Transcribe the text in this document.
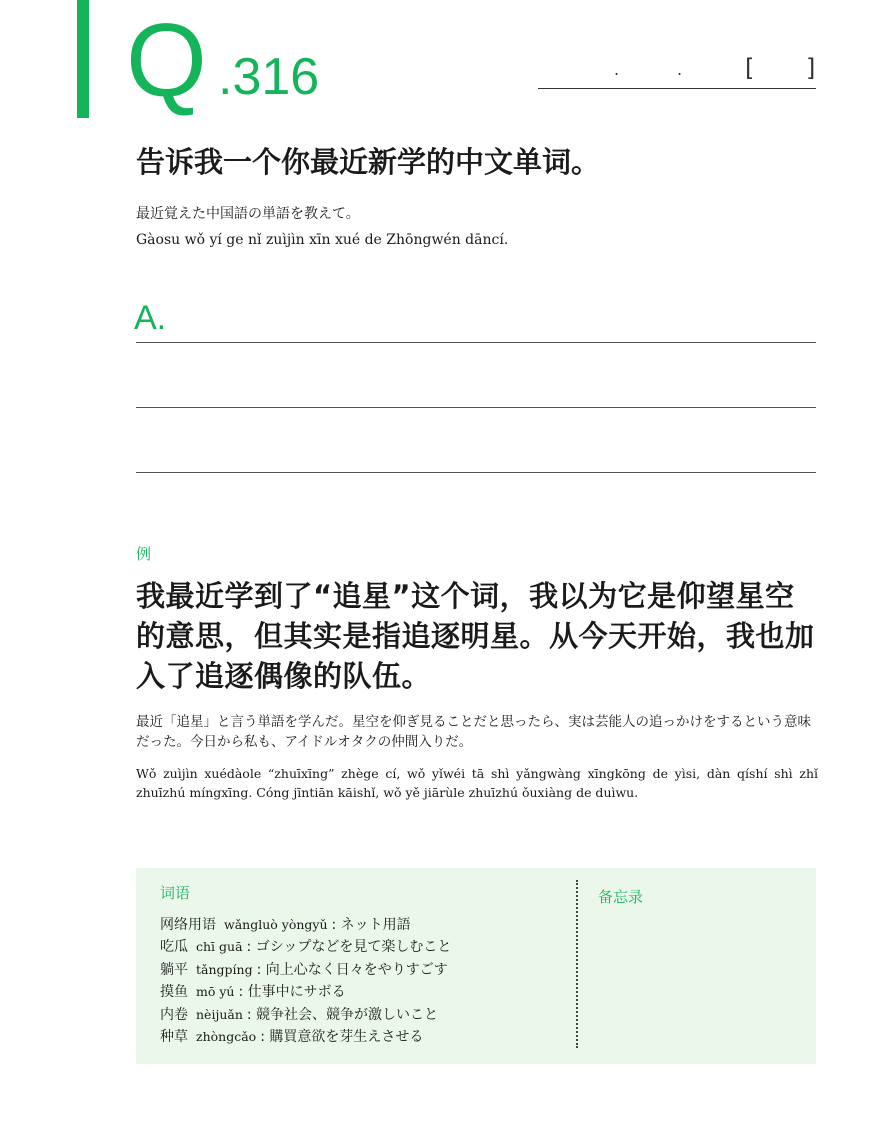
Q .316	.	.	[ ]
告诉我一个你最近新学的中文单词。
最近覚えた中国語の単語を教えて。
Gàosu wǒ yí ge nǐ zuìjìn xīn xué de Zhōngwén dāncí.
A.
例
我最近学到了“追星”这个词，我以为它是仰望星空的意思，但其实是指追逐明星。从今天开始，我也加入了追逐偶像的队伍。
最近「追星」と言う単語を学んだ。星空を仰ぎ見ることだと思ったら、実は芸能人の追っかけをするという意味だった。今日から私も、アイドルオタクの仲間入りだ。
Wǒ zuìjìn xuédàole “zhuīxīng” zhège cí, wǒ yǐwéi tā shì yǎngwàng xīngkōng de yìsi, dàn qíshí shì zhǐ zhuīzhú míngxīng. Cóng jīntiān kāishǐ, wǒ yě jiārùle zhuīzhú ǒuxiàng de duìwu.
词语
网络用语 wǎngluò yòngyǔ : ネット用語
吃瓜 chī guā : ゴシップなどを見て楽しむこと
躺平 tǎngpíng : 向上心なく日々をやりすごす
摸鱼 mō yú : 仕事中にサボる
内卷 nèijuǎn : 競争社会、競争が激しいこと
种草 zhòngcǎo : 購買意欲を芽生えさせる
备忘录
